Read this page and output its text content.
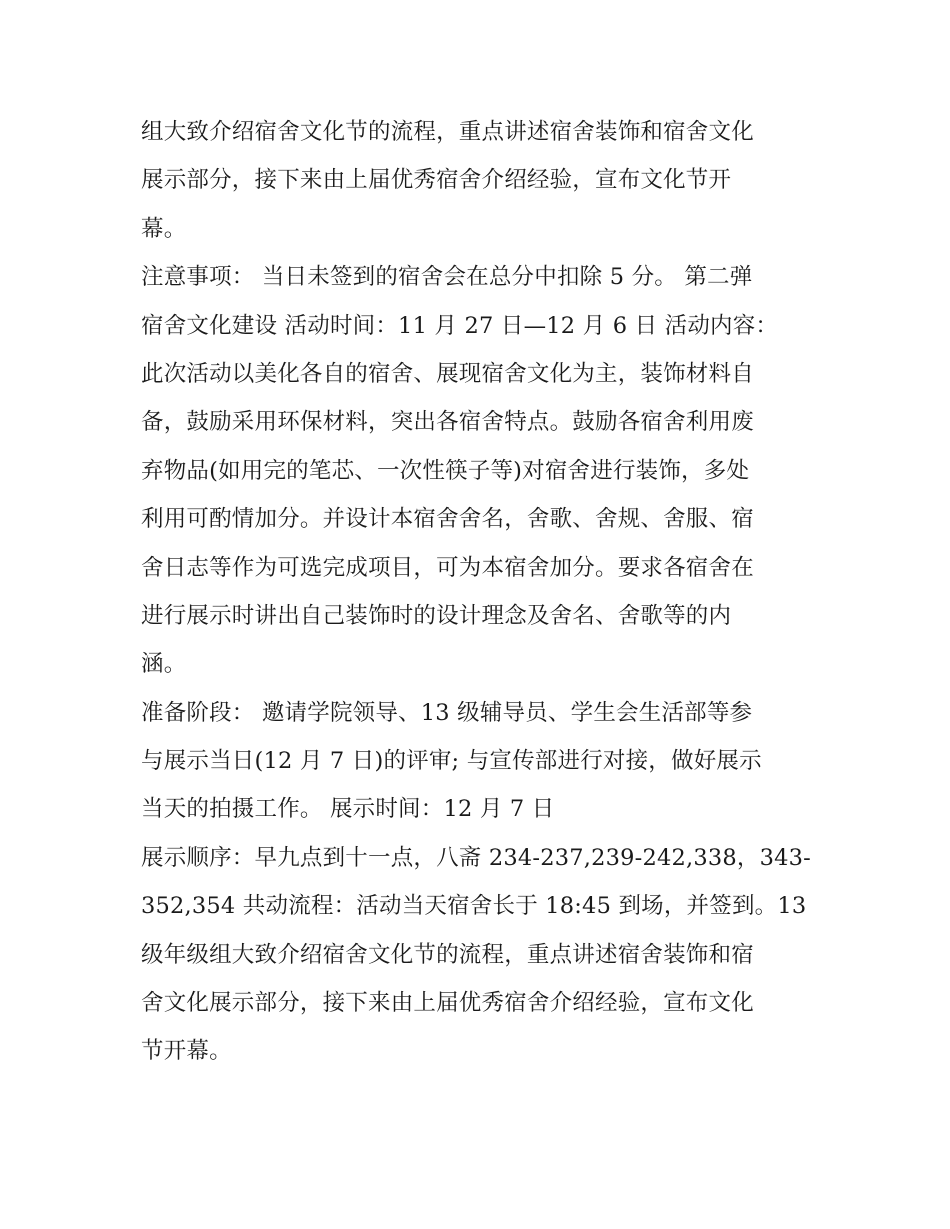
组大致介绍宿舍文化节的流程，重点讲述宿舍装饰和宿舍文化
展示部分，接下来由上届优秀宿舍介绍经验，宣布文化节开
幕。
注意事项： 当日未签到的宿舍会在总分中扣除 5 分。 第二弹
宿舍文化建设 活动时间：11 月 27 日—12 月 6 日 活动内容：
此次活动以美化各自的宿舍、展现宿舍文化为主，装饰材料自
备，鼓励采用环保材料，突出各宿舍特点。鼓励各宿舍利用废
弃物品(如用完的笔芯、一次性筷子等)对宿舍进行装饰，多处
利用可酌情加分。并设计本宿舍舍名，舍歌、舍规、舍服、宿
舍日志等作为可选完成项目，可为本宿舍加分。要求各宿舍在
进行展示时讲出自己装饰时的设计理念及舍名、舍歌等的内
涵。
准备阶段： 邀请学院领导、13 级辅导员、学生会生活部等参
与展示当日(12 月 7 日)的评审; 与宣传部进行对接，做好展示
当天的拍摄工作。 展示时间：12 月 7 日
展示顺序：早九点到十一点，八斋 234-237,239-242,338，343-
352,354 共动流程：活动当天宿舍长于 18:45 到场，并签到。13
级年级组大致介绍宿舍文化节的流程，重点讲述宿舍装饰和宿
舍文化展示部分，接下来由上届优秀宿舍介绍经验，宣布文化
节开幕。
